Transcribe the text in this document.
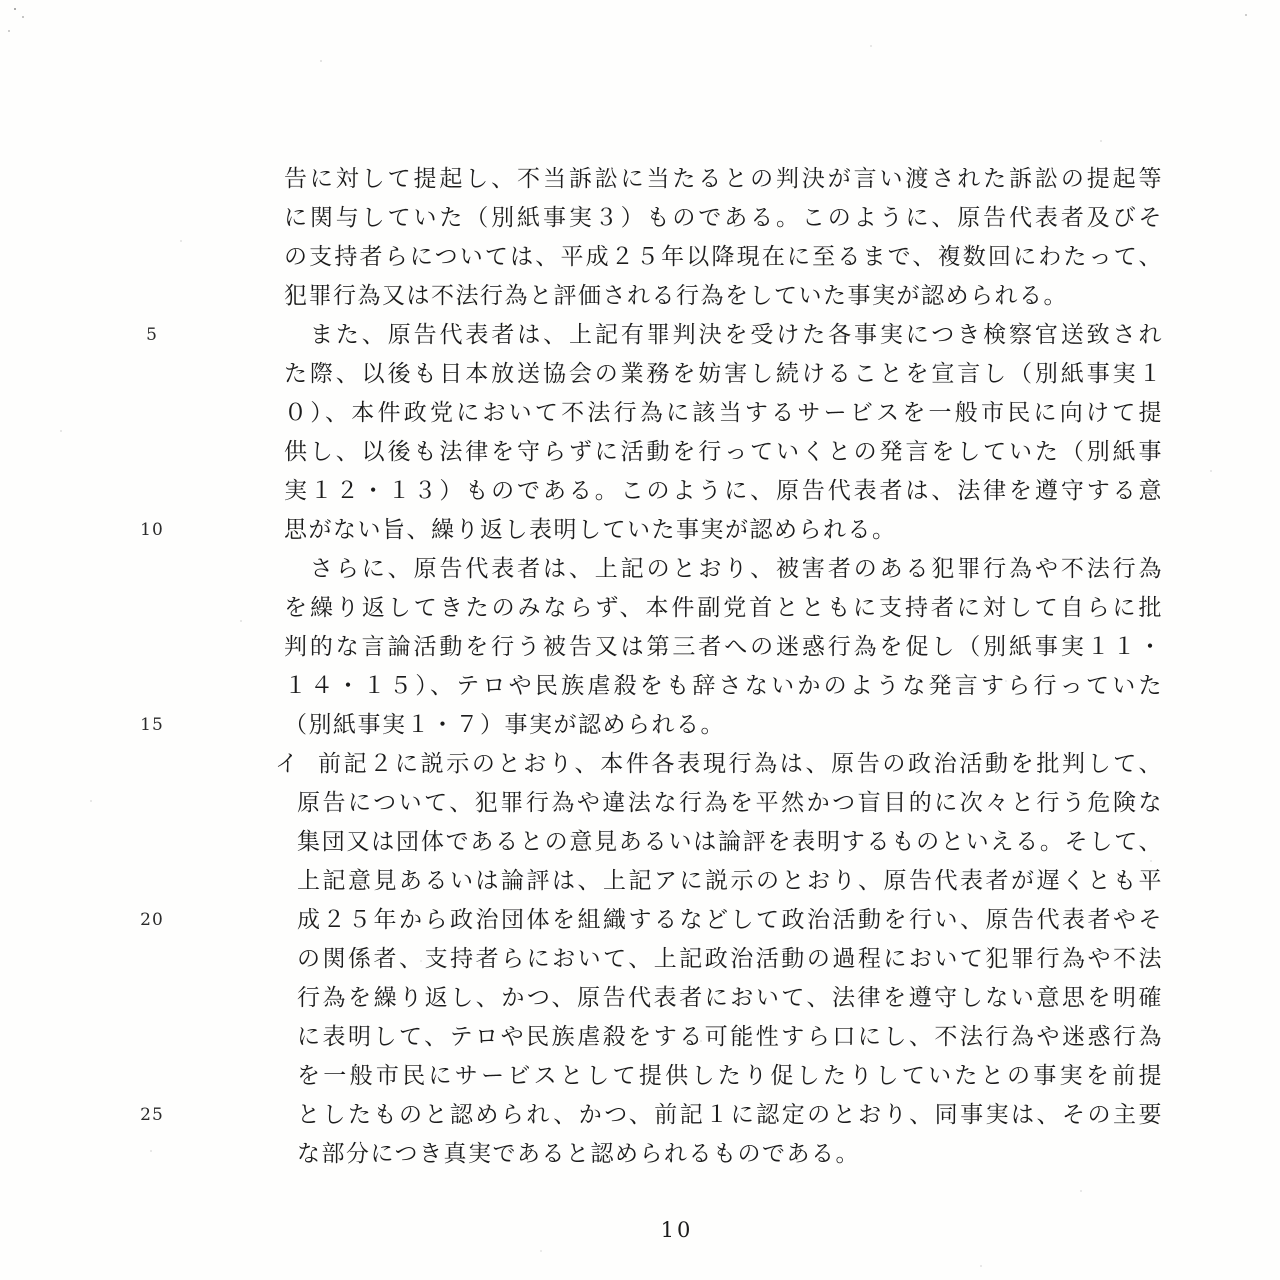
5
10
15
20
25
告に対して提起し、不当訴訟に当たるとの判決が言い渡された訴訟の提起等
に関与していた（別紙事実３）ものである。このように、原告代表者及びそ
の支持者らについては、平成２５年以降現在に至るまで、複数回にわたって、
犯罪行為又は不法行為と評価される行為をしていた事実が認められる。
また、原告代表者は、上記有罪判決を受けた各事実につき検察官送致され
た際、以後も日本放送協会の業務を妨害し続けることを宣言し（別紙事実１
０）、本件政党において不法行為に該当するサービスを一般市民に向けて提
供し、以後も法律を守らずに活動を行っていくとの発言をしていた（別紙事
実１２・１３）ものである。このように、原告代表者は、法律を遵守する意
思がない旨、繰り返し表明していた事実が認められる。
さらに、原告代表者は、上記のとおり、被害者のある犯罪行為や不法行為
を繰り返してきたのみならず、本件副党首とともに支持者に対して自らに批
判的な言論活動を行う被告又は第三者への迷惑行為を促し（別紙事実１１・
１４・１５）、テロや民族虐殺をも辞さないかのような発言すら行っていた
（別紙事実１・７）事実が認められる。
イ 前記２に説示のとおり、本件各表現行為は、原告の政治活動を批判して、
原告について、犯罪行為や違法な行為を平然かつ盲目的に次々と行う危険な
集団又は団体であるとの意見あるいは論評を表明するものといえる。そして、
上記意見あるいは論評は、上記アに説示のとおり、原告代表者が遅くとも平
成２５年から政治団体を組織するなどして政治活動を行い、原告代表者やそ
の関係者、支持者らにおいて、上記政治活動の過程において犯罪行為や不法
行為を繰り返し、かつ、原告代表者において、法律を遵守しない意思を明確
に表明して、テロや民族虐殺をする可能性すら口にし、不法行為や迷惑行為
を一般市民にサービスとして提供したり促したりしていたとの事実を前提
としたものと認められ、かつ、前記１に認定のとおり、同事実は、その主要
な部分につき真実であると認められるものである。
10
